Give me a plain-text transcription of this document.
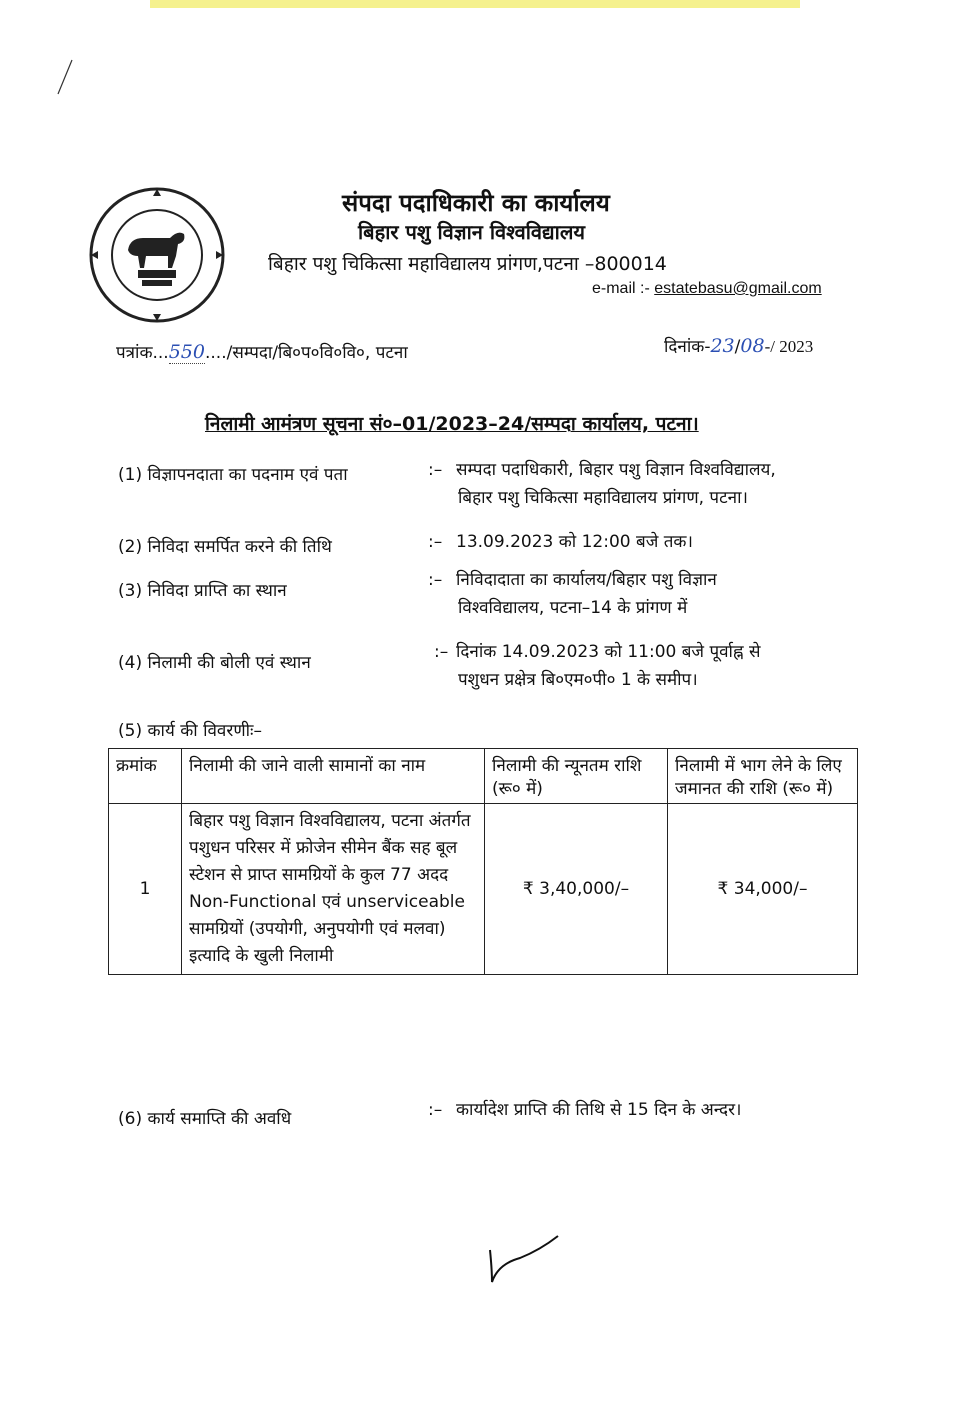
संपदा पदाधिकारी का कार्यालय
बिहार पशु विज्ञान विश्वविद्यालय
बिहार पशु चिकित्सा महाविद्यालय प्रांगण,पटना –800014
e-mail :- estatebasu@gmail.com
पत्रांक...550..../सम्पदा/बि०प०वि०वि०, पटना	दिनांक-23/08-/ 2023
निलामी आमंत्रण सूचना सं०–01/2023–24/सम्पदा कार्यालय, पटना।
(1) विज्ञापनदाता का पदनाम एवं पता	:– सम्पदा पदाधिकारी, बिहार पशु विज्ञान विश्वविद्यालय,
बिहार पशु चिकित्सा महाविद्यालय प्रांगण, पटना।
(2) निविदा समर्पित करने की तिथि	:– 13.09.2023 को 12:00 बजे तक।
(3) निविदा प्राप्ति का स्थान
:– निविदादाता का कार्यालय/बिहार पशु विज्ञान
विश्वविद्यालय, पटना–14 के प्रांगण में
(4) निलामी की बोली एवं स्थान
:– दिनांक 14.09.2023 को 11:00 बजे पूर्वाह्न से
पशुधन प्रक्षेत्र बि०एम०पी० 1 के समीप।
(5) कार्य की विवरणीः–
क्रमांक	निलामी की जाने वाली सामानों का नाम	निलामी की न्यूनतम राशि (रू० में)	निलामी में भाग लेने के लिए जमानत की राशि (रू० में)
1	बिहार पशु विज्ञान विश्वविद्यालय, पटना अंतर्गत पशुधन परिसर में फ्रोजेन सीमेन बैंक सह बूल स्टेशन से प्राप्त सामग्रियों के कुल 77 अदद Non-Functional एवं unserviceable सामग्रियों (उपयोगी, अनुपयोगी एवं मलवा) इत्यादि के खुली निलामी	₹ 3,40,000/–	₹ 34,000/–
(6) कार्य समाप्ति की अवधि	:– कार्यादेश प्राप्ति की तिथि से 15 दिन के अन्दर।
